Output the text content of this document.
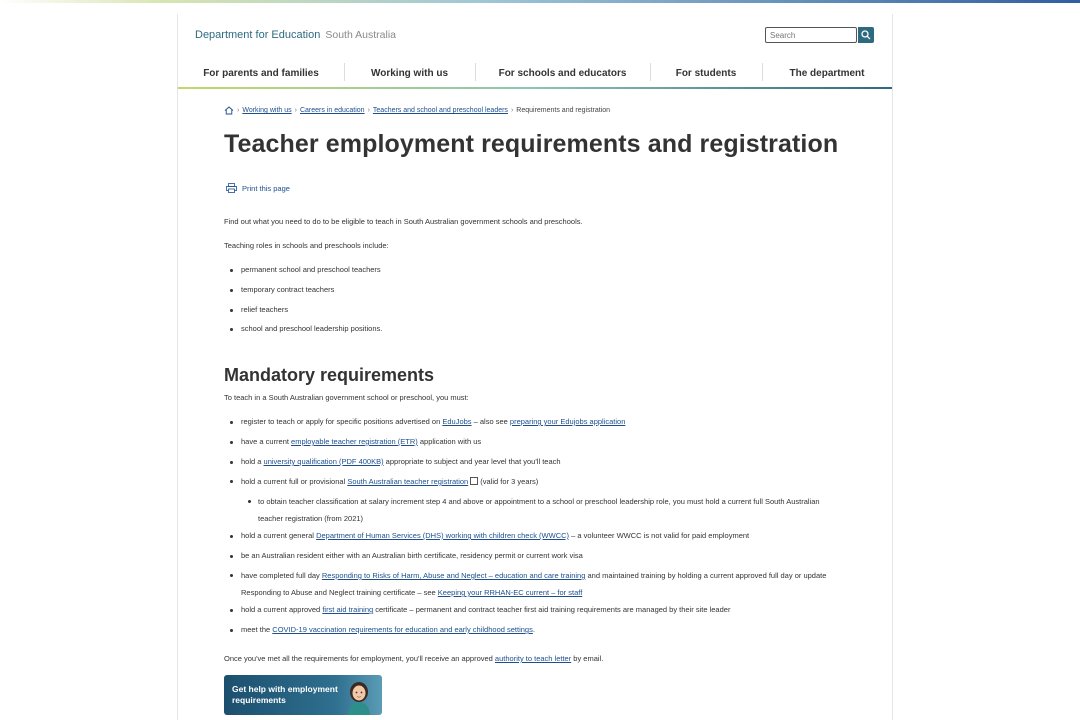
Department for Education South Australia
Search
For parents and families	Working with us	For schools and educators	For students	The department
› Working with us › Careers in education › Teachers and school and preschool leaders › Requirements and registration
Teacher employment requirements and registration
Print this page
Find out what you need to do to be eligible to teach in South Australian government schools and preschools.
Teaching roles in schools and preschools include:
permanent school and preschool teachers
temporary contract teachers
relief teachers
school and preschool leadership positions.
Mandatory requirements
To teach in a South Australian government school or preschool, you must:
register to teach or apply for specific positions advertised on EduJobs – also see preparing your Edujobs application
have a current employable teacher registration (ETR) application with us
hold a university qualification (PDF 400KB) appropriate to subject and year level that you'll teach
hold a current full or provisional South Australian teacher registration (valid for 3 years)
to obtain teacher classification at salary increment step 4 and above or appointment to a school or preschool leadership role, you must hold a current full South Australian teacher registration (from 2021)
hold a current general Department of Human Services (DHS) working with children check (WWCC) – a volunteer WWCC is not valid for paid employment
be an Australian resident either with an Australian birth certificate, residency permit or current work visa
have completed full day Responding to Risks of Harm, Abuse and Neglect – education and care training and maintained training by holding a current approved full day or update Responding to Abuse and Neglect training certificate – see Keeping your RRHAN-EC current – for staff
hold a current approved first aid training certificate – permanent and contract teacher first aid training requirements are managed by their site leader
meet the COVID-19 vaccination requirements for education and early childhood settings.
Once you've met all the requirements for employment, you'll receive an approved authority to teach letter by email.
Get help with employment requirements
